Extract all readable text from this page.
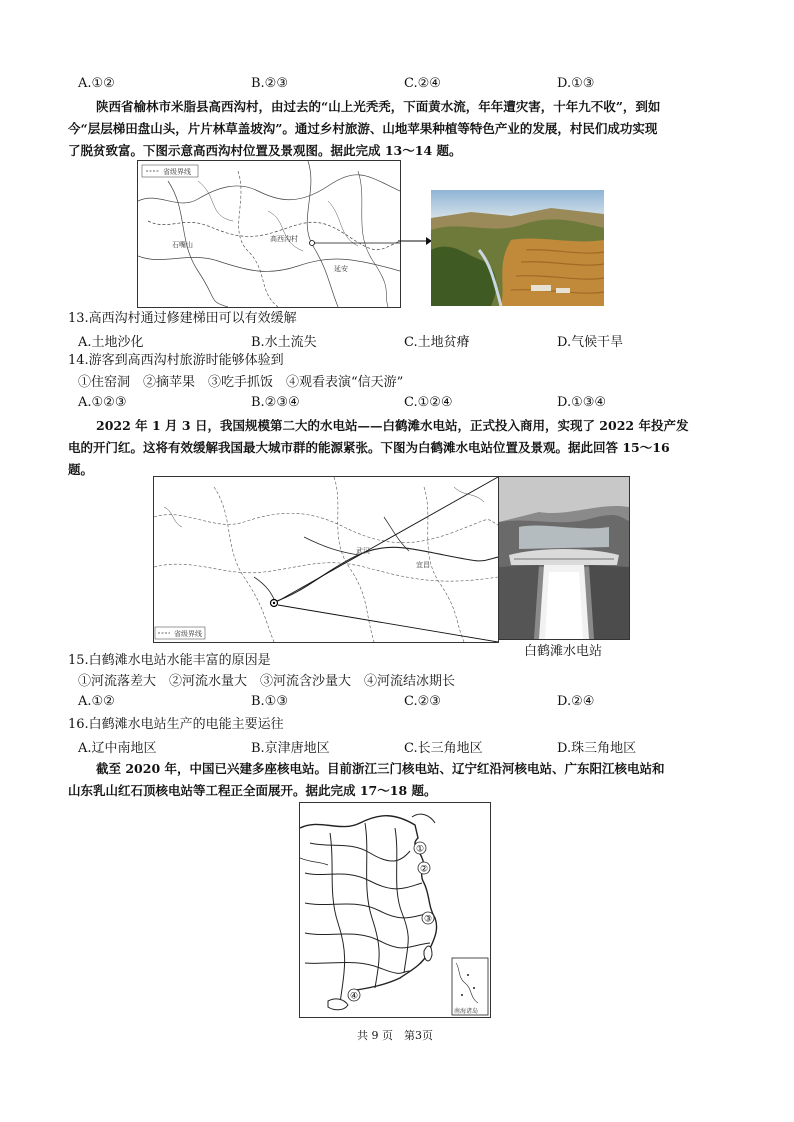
A.①②	B.②③	C.②④	D.①③
陕西省榆林市米脂县高西沟村，由过去的“山上光秃秃，下面黄水流，年年遭灾害，十年九不收”，到如
今“层层梯田盘山头，片片林草盖坡沟”。通过乡村旅游、山地苹果种植等特色产业的发展，村民们成功实现
了脱贫致富。下图示意高西沟村位置及景观图。据此完成 13～14 题。
高西沟村
石嘴山
延安
省级界线
13.高西沟村通过修建梯田可以有效缓解
A.土地沙化	B.水土流失	C.土地贫瘠	D.气候干旱
14.游客到高西沟村旅游时能够体验到
①住窑洞　②摘苹果　③吃手抓饭　④观看表演“信天游”
A.①②③	B.②③④	C.①②④	D.①③④
2022 年 1 月 3 日，我国规模第二大的水电站——白鹤滩水电站，正式投入商用，实现了 2022 年投产发
电的开门红。这将有效缓解我国最大城市群的能源紧张。下图为白鹤滩水电站位置及景观。据此回答 15～16
题。
省级界线
武汉
宜昌
白鹤滩水电站
15.白鹤滩水电站水能丰富的原因是
①河流落差大　②河流水量大　③河流含沙量大　④河流结冰期长
A.①②	B.①③	C.②③	D.②④
16.白鹤滩水电站生产的电能主要运往
A.辽中南地区	B.京津唐地区	C.长三角地区	D.珠三角地区
截至 2020 年，中国已兴建多座核电站。目前浙江三门核电站、辽宁红沿河核电站、广东阳江核电站和
山东乳山红石顶核电站等工程正全面展开。据此完成 17～18 题。
①
②
③
④
南海诸岛
共 9 页　第3页
